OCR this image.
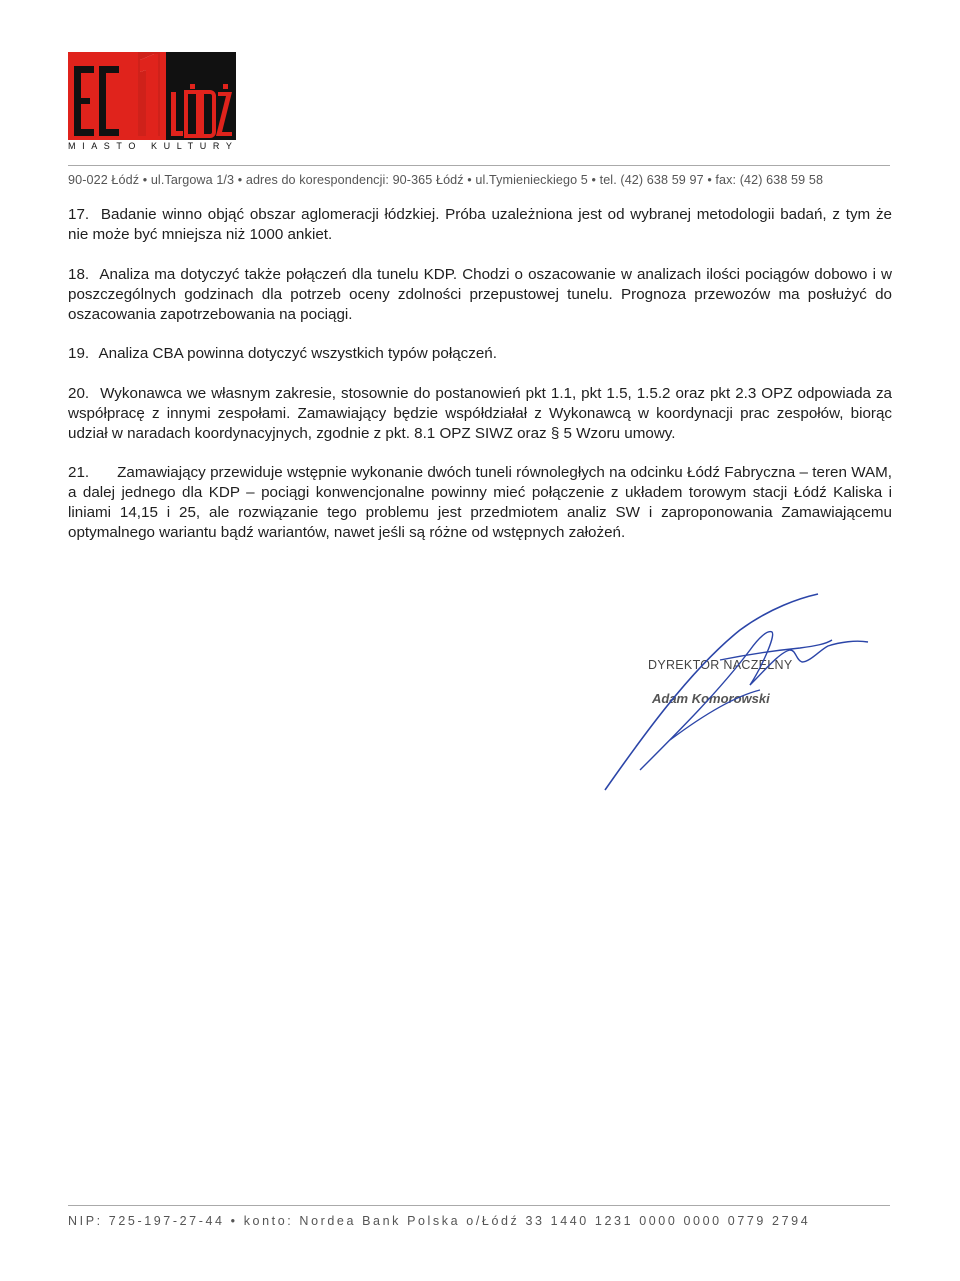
MIASTO KULTURY
90-022 Łódź • ul.Targowa 1/3 • adres do korespondencji: 90-365 Łódź • ul.Tymienieckiego 5 • tel. (42) 638 59 97 • fax: (42) 638 59 58

17. Badanie winno objąć obszar aglomeracji łódzkiej. Próba uzależniona jest od wybranej metodologii badań, z tym że nie może być mniejsza niż 1000 ankiet.

18. Analiza ma dotyczyć także połączeń dla tunelu KDP. Chodzi o oszacowanie w analizach ilości pociągów dobowo i w poszczególnych godzinach dla potrzeb oceny zdolności przepustowej tunelu. Prognoza przewozów ma posłużyć do oszacowania zapotrzebowania na pociągi.

19. Analiza CBA powinna dotyczyć wszystkich typów połączeń.

20. Wykonawca we własnym zakresie, stosownie do postanowień pkt 1.1, pkt 1.5, 1.5.2 oraz pkt 2.3 OPZ odpowiada za współpracę z innymi zespołami. Zamawiający będzie współdziałał z Wykonawcą w koordynacji prac zespołów, biorąc udział w naradach koordynacyjnych, zgodnie z pkt. 8.1 OPZ SIWZ oraz § 5 Wzoru umowy.

21. Zamawiający przewiduje wstępnie wykonanie dwóch tuneli równoległych na odcinku Łódź Fabryczna – teren WAM, a dalej jednego dla KDP – pociągi konwencjonalne powinny mieć połączenie z układem torowym stacji Łódź Kaliska i liniami 14,15 i 25, ale rozwiązanie tego problemu jest przedmiotem analiz SW i zaproponowania Zamawiającemu optymalnego wariantu bądź wariantów, nawet jeśli są różne od wstępnych założeń.

DYREKTOR NACZELNY
Adam Komorowski
NIP: 725-197-27-44 • konto: Nordea Bank Polska o/Łódź 33 1440 1231 0000 0000 0779 2794
